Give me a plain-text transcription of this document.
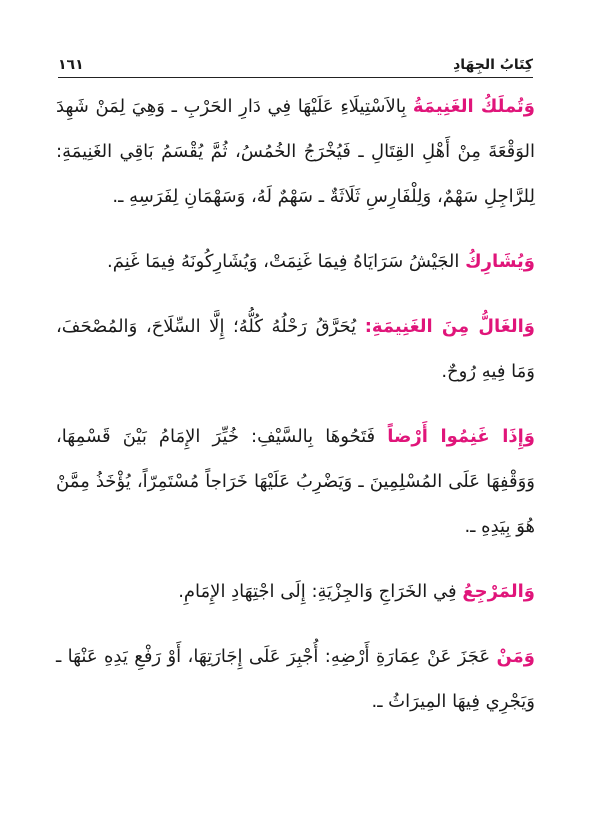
كِتَابُ الجِهَادِ
١٦١

وَتُملَكُ الغَنِيمَةُ بِالاَسْتِيلَاءِ عَلَيْهَا فِي دَارِ الحَرْبِ ـ وَهِيَ لِمَنْ شَهِدَ الوَقْعَةَ مِنْ أَهْلِ القِتَالِ ـ فَيُخْرَجُ الخُمُسُ، ثُمَّ يُقْسَمُ بَاقِي الغَنِيمَةِ: لِلرَّاجِلِ سَهْمٌ، وَلِلْفَارِسِ ثَلَاثَةٌ ـ سَهْمٌ لَهُ، وَسَهْمَانِ لِفَرَسِهِ ـ.

وَيُشَارِكُ الجَيْشُ سَرَايَاهُ فِيمَا غَنِمَتْ، وَيُشَارِكُونَهُ فِيمَا غَنِمَ.

وَالغَالُّ مِنَ الغَنِيمَةِ: يُحَرَّقُ رَحْلُهُ كُلُّهُ؛ إِلَّا السِّلَاحَ، وَالمُصْحَفَ، وَمَا فِيهِ رُوحٌ.

وَإِذَا غَنِمُوا أَرْضاً فَتَحُوهَا بِالسَّيْفِ: خُيِّرَ الإِمَامُ بَيْنَ قَسْمِهَا، وَوَقْفِهَا عَلَى المُسْلِمِينَ ـ وَيَضْرِبُ عَلَيْهَا خَرَاجاً مُسْتَمِرّاً، يُؤْخَذُ مِمَّنْ هُوَ بِيَدِهِ ـ.

وَالمَرْجِعُ فِي الخَرَاجِ وَالجِزْيَةِ: إِلَى اجْتِهَادِ الإِمَامِ.

وَمَنْ عَجَزَ عَنْ عِمَارَةِ أَرْضِهِ: أُجْبِرَ عَلَى إِجَارَتِهَا، أَوْ رَفْعِ يَدِهِ عَنْهَا ـ وَيَجْرِي فِيهَا المِيرَاثُ ـ.
